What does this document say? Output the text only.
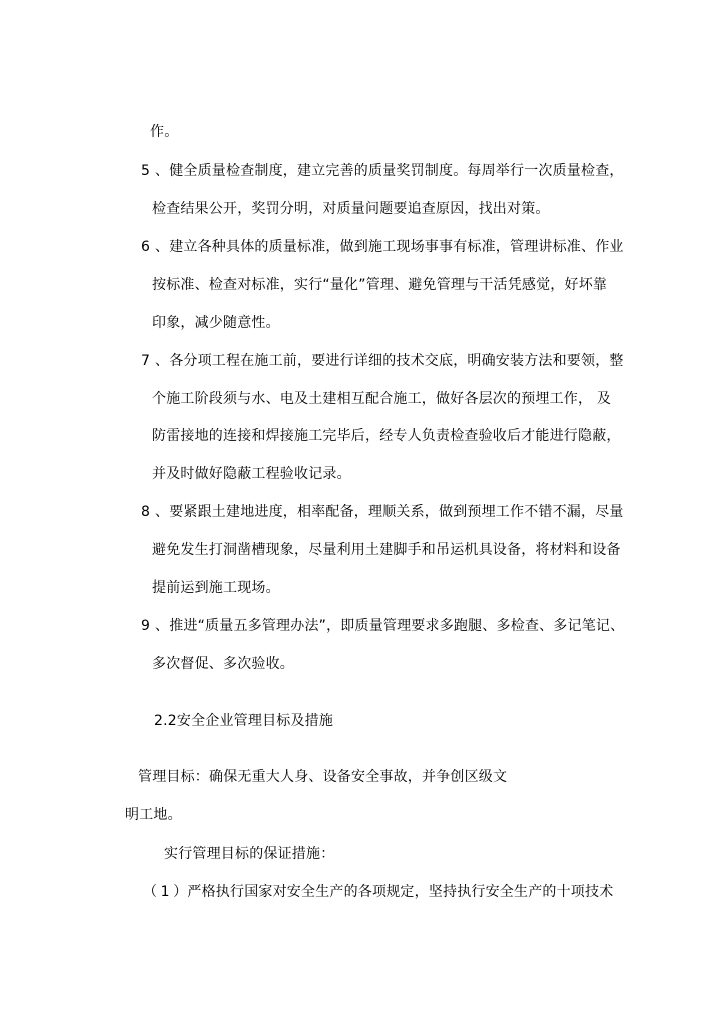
作。
5 、健全质量检查制度，建立完善的质量奖罚制度。每周举行一次质量检查，
检查结果公开，奖罚分明，对质量问题要追查原因，找出对策。
6 、建立各种具体的质量标准，做到施工现场事事有标准，管理讲标准、作业
按标准、检查对标准，实行“量化”管理、避免管理与干活凭感觉，好坏靠
印象，减少随意性。
7 、各分项工程在施工前，要进行详细的技术交底，明确安装方法和要领，整
个施工阶段须与水、电及土建相互配合施工，做好各层次的预埋工作， 及
防雷接地的连接和焊接施工完毕后，经专人负责检查验收后才能进行隐蔽，
并及时做好隐蔽工程验收记录。
8 、要紧跟土建地进度，相率配备，理顺关系，做到预埋工作不错不漏，尽量
避免发生打洞凿槽现象，尽量利用土建脚手和吊运机具设备，将材料和设备
提前运到施工现场。
9 、推进“质量五多管理办法”，即质量管理要求多跑腿、多检查、多记笔记、
多次督促、多次验收。
2.2安全企业管理目标及措施
管理目标：确保无重大人身、设备安全事故，并争创区级文
明工地。
实行管理目标的保证措施：
（ 1 ）严格执行国家对安全生产的各项规定，坚持执行安全生产的十项技术
